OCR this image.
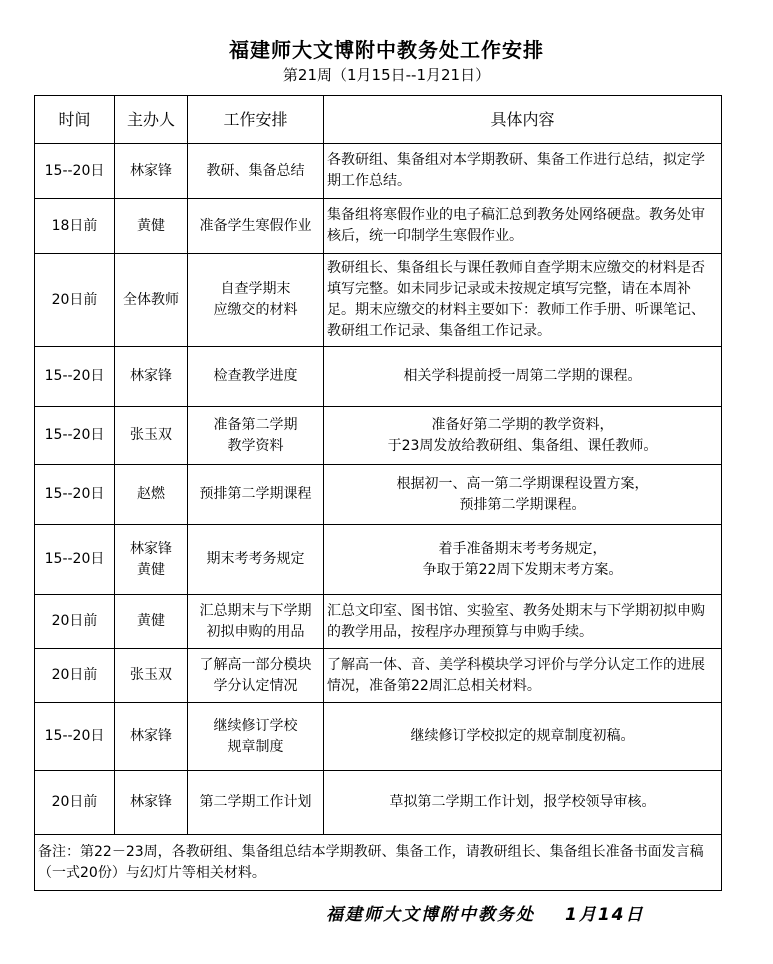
福建师大文博附中教务处工作安排
第21周（1月15日--1月21日）
时间	主办人	工作安排	具体内容
15--20日	林家锋	教研、集备总结	各教研组、集备组对本学期教研、集备工作进行总结，拟定学期工作总结。
18日前	黄健	准备学生寒假作业	集备组将寒假作业的电子稿汇总到教务处网络硬盘。教务处审核后，统一印制学生寒假作业。
20日前	全体教师	自查学期末
应缴交的材料	教研组长、集备组长与课任教师自查学期末应缴交的材料是否填写完整。如未同步记录或未按规定填写完整，请在本周补足。期末应缴交的材料主要如下：教师工作手册、听课笔记、教研组工作记录、集备组工作记录。
15--20日	林家锋	检查教学进度	相关学科提前授一周第二学期的课程。
15--20日	张玉双	准备第二学期
教学资料	准备好第二学期的教学资料，
于23周发放给教研组、集备组、课任教师。

15--20日	赵燃	预排第二学期课程	根据初一、高一第二学期课程设置方案，
预排第二学期课程。

15--20日	林家锋
黄健	期末考考务规定	着手准备期末考考务规定，
争取于第22周下发期末考方案。

20日前	黄健	汇总期末与下学期
初拟申购的用品	汇总文印室、图书馆、实验室、教务处期末与下学期初拟申购的教学用品，按程序办理预算与申购手续。
20日前	张玉双	了解高一部分模块
学分认定情况	了解高一体、音、美学科模块学习评价与学分认定工作的进展情况，准备第22周汇总相关材料。
15--20日	林家锋	继续修订学校
规章制度	继续修订学校拟定的规章制度初稿。
20日前	林家锋	第二学期工作计划	草拟第二学期工作计划，报学校领导审核。
备注：第22－23周，各教研组、集备组总结本学期教研、集备工作，请教研组长、集备组长准备书面发言稿（一式20份）与幻灯片等相关材料。			
福建师大文博附中教务处 1月14日
